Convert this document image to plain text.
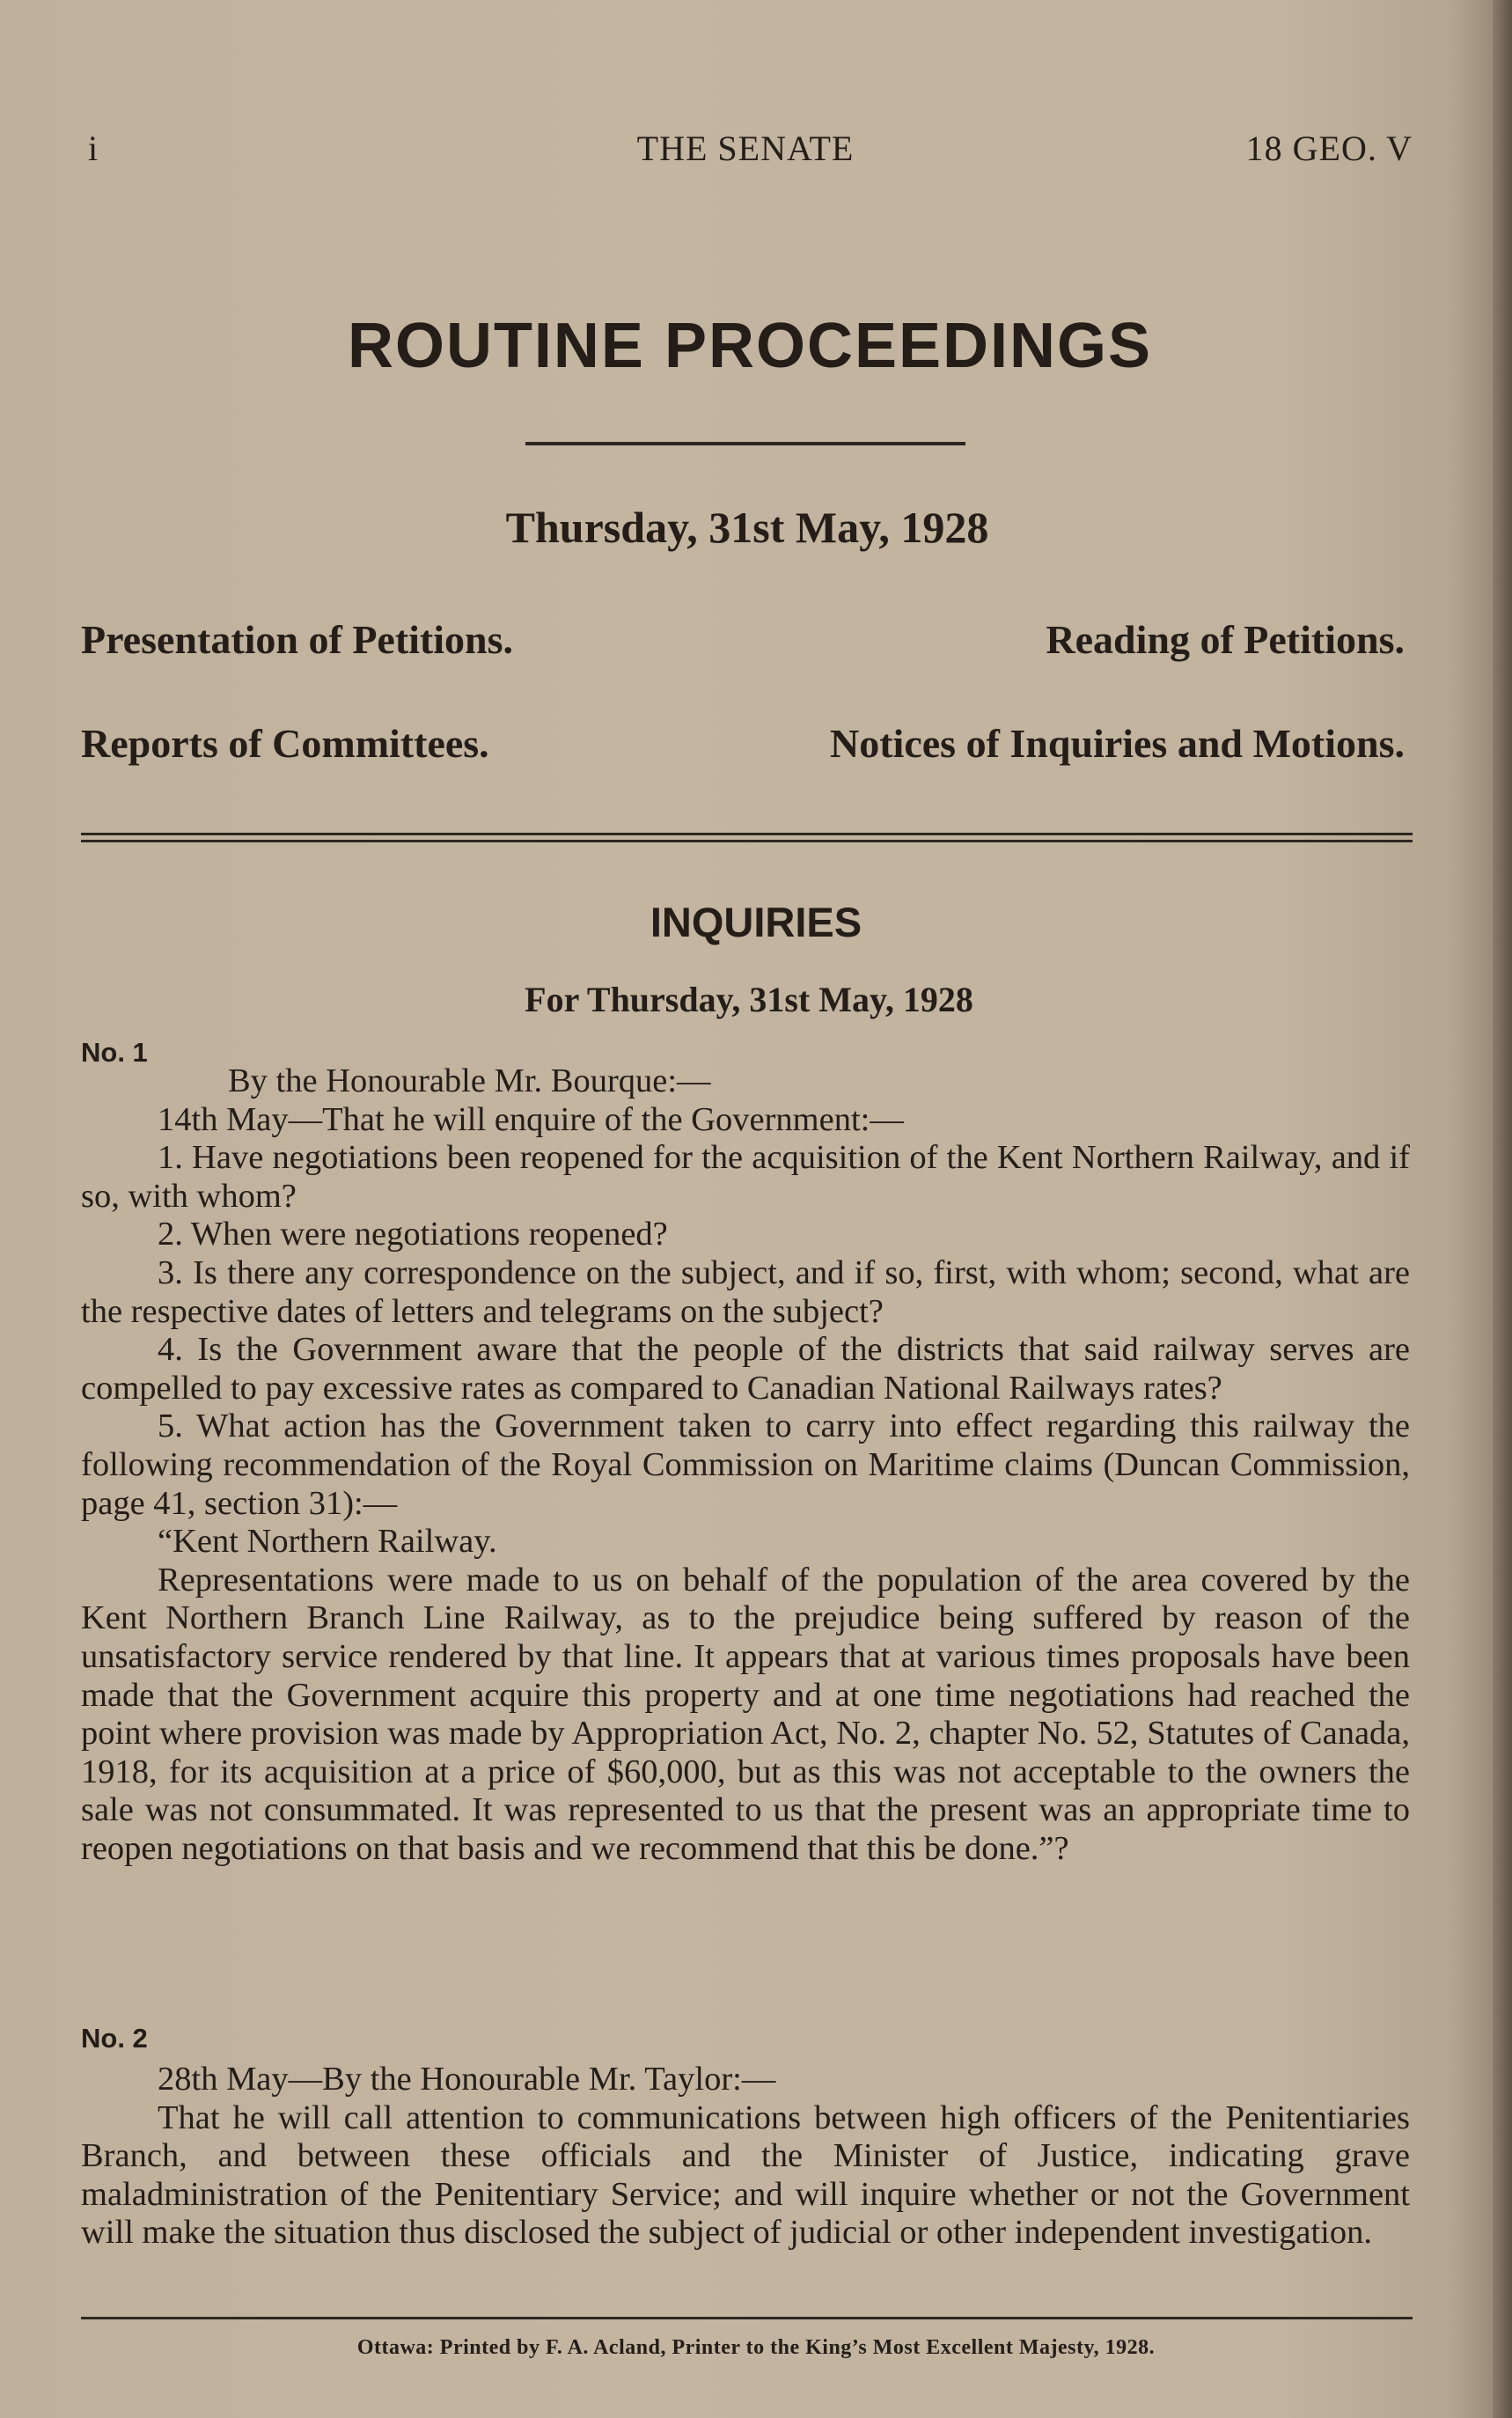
i	THE SENATE	18 GEO. V
ROUTINE PROCEEDINGS
Thursday, 31st May, 1928
Presentation of Petitions.	Reading of Petitions.
Reports of Committees.	Notices of Inquiries and Motions.
INQUIRIES
For Thursday, 31st May, 1928
No. 1

By the Honourable Mr. Bourque:—

14th May—That he will enquire of the Government:—

1. Have negotiations been reopened for the acquisition of the Kent Northern Railway, and if so, with whom?

2. When were negotiations reopened?

3. Is there any correspondence on the subject, and if so, first, with whom; second, what are the respective dates of letters and telegrams on the subject?

4. Is the Government aware that the people of the districts that said railway serves are compelled to pay excessive rates as compared to Canadian National Railways rates?

5. What action has the Government taken to carry into effect regarding this railway the following recommendation of the Royal Commission on Maritime claims (Duncan Commission, page 41, section 31):—

“Kent Northern Railway.

Representations were made to us on behalf of the population of the area covered by the Kent Northern Branch Line Railway, as to the prejudice being suffered by reason of the unsatisfactory service rendered by that line. It appears that at various times proposals have been made that the Government acquire this property and at one time negotiations had reached the point where provision was made by Appropriation Act, No. 2, chapter No. 52, Statutes of Canada, 1918, for its acquisition at a price of $60,000, but as this was not acceptable to the owners the sale was not consummated. It was represented to us that the present was an appropriate time to reopen negotiations on that basis and we recommend that this be done.”?

No. 2

28th May—By the Honourable Mr. Taylor:—

That he will call attention to communications between high officers of the Penitentiaries Branch, and between these officials and the Minister of Justice, indicating grave maladministration of the Penitentiary Service; and will inquire whether or not the Government will make the situation thus disclosed the subject of judicial or other independent investigation.

Ottawa: Printed by F. A. Acland, Printer to the King’s Most Excellent Majesty, 1928.
